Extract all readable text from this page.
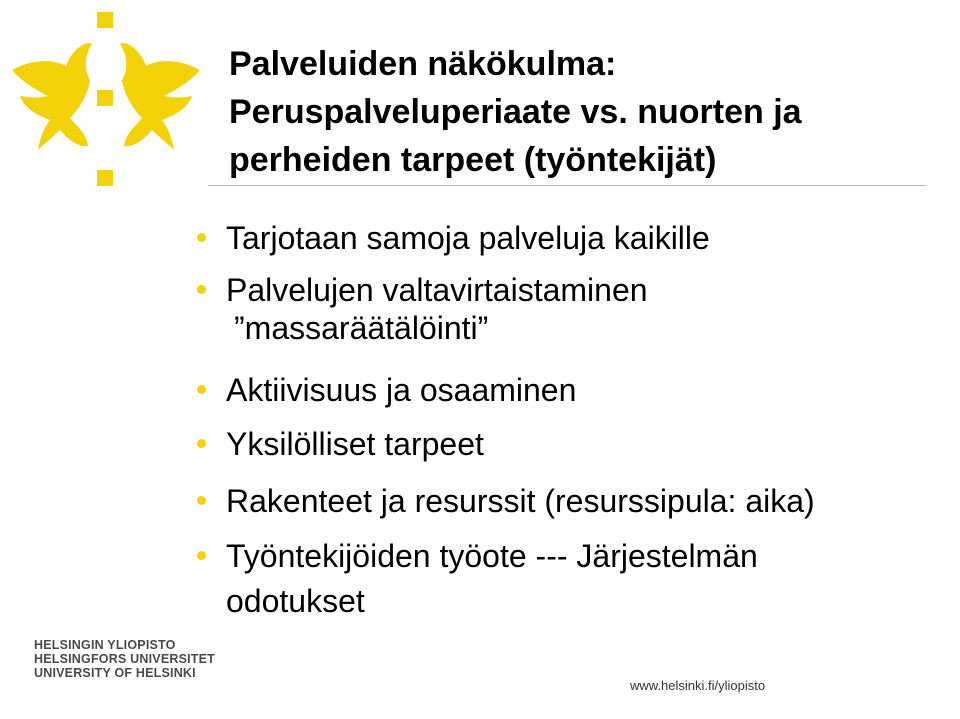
Palveluiden näkökulma:
Peruspalveluperiaate vs. nuorten ja
perheiden tarpeet (työntekijät)
Tarjotaan samoja palveluja kaikille
Palvelujen valtavirtaistaminen
”massaräätälöinti”
Aktiivisuus ja osaaminen
Yksilölliset tarpeet
Rakenteet ja resurssit (resurssipula: aika)
Työntekijöiden työote --- Järjestelmän
odotukset
HELSINGIN YLIOPISTO
HELSINGFORS UNIVERSITET
UNIVERSITY OF HELSINKI
www.helsinki.fi/yliopisto
